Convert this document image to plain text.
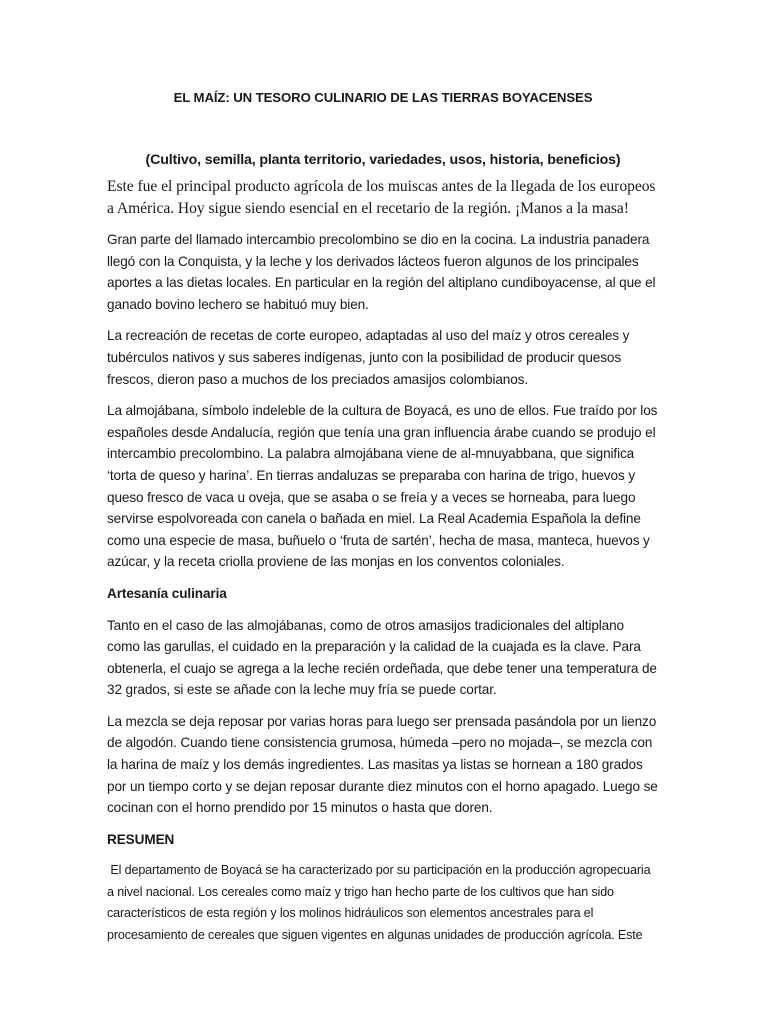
EL MAÍZ: UN TESORO CULINARIO DE LAS TIERRAS BOYACENSES
(Cultivo, semilla, planta territorio, variedades, usos, historia, beneficios)

Este fue el principal producto agrícola de los muiscas antes de la llegada de los europeos a América. Hoy sigue siendo esencial en el recetario de la región. ¡Manos a la masa!

Gran parte del llamado intercambio precolombino se dio en la cocina. La industria panadera llegó con la Conquista, y la leche y los derivados lácteos fueron algunos de los principales aportes a las dietas locales. En particular en la región del altiplano cundiboyacense, al que el ganado bovino lechero se habituó muy bien.

La recreación de recetas de corte europeo, adaptadas al uso del maíz y otros cereales y tubérculos nativos y sus saberes indígenas, junto con la posibilidad de producir quesos frescos, dieron paso a muchos de los preciados amasijos colombianos.

La almojábana, símbolo indeleble de la cultura de Boyacá, es uno de ellos. Fue traído por los españoles desde Andalucía, región que tenía una gran influencia árabe cuando se produjo el intercambio precolombino. La palabra almojábana viene de al-mnuyabbana, que significa ‘torta de queso y harina’. En tierras andaluzas se preparaba con harina de trigo, huevos y queso fresco de vaca u oveja, que se asaba o se freía y a veces se horneaba, para luego servirse espolvoreada con canela o bañada en miel. La Real Academia Española la define como una especie de masa, buñuelo o ‘fruta de sartén’, hecha de masa, manteca, huevos y azúcar, y la receta criolla proviene de las monjas en los conventos coloniales.

Artesanía culinaria

Tanto en el caso de las almojábanas, como de otros amasijos tradicionales del altiplano como las garullas, el cuidado en la preparación y la calidad de la cuajada es la clave. Para obtenerla, el cuajo se agrega a la leche recién ordeñada, que debe tener una temperatura de 32 grados, si este se añade con la leche muy fría se puede cortar.

La mezcla se deja reposar por varias horas para luego ser prensada pasándola por un lienzo de algodón. Cuando tiene consistencia grumosa, húmeda –pero no mojada–, se mezcla con la harina de maíz y los demás ingredientes. Las masitas ya listas se hornean a 180 grados por un tiempo corto y se dejan reposar durante diez minutos con el horno apagado. Luego se cocinan con el horno prendido por 15 minutos o hasta que doren.

RESUMEN

El departamento de Boyacá se ha caracterizado por su participación en la producción agropecuaria a nivel nacional. Los cereales como maíz y trigo han hecho parte de los cultivos que han sido característicos de esta región y los molinos hidráulicos son elementos ancestrales para el procesamiento de cereales que siguen vigentes en algunas unidades de producción agrícola. Este
